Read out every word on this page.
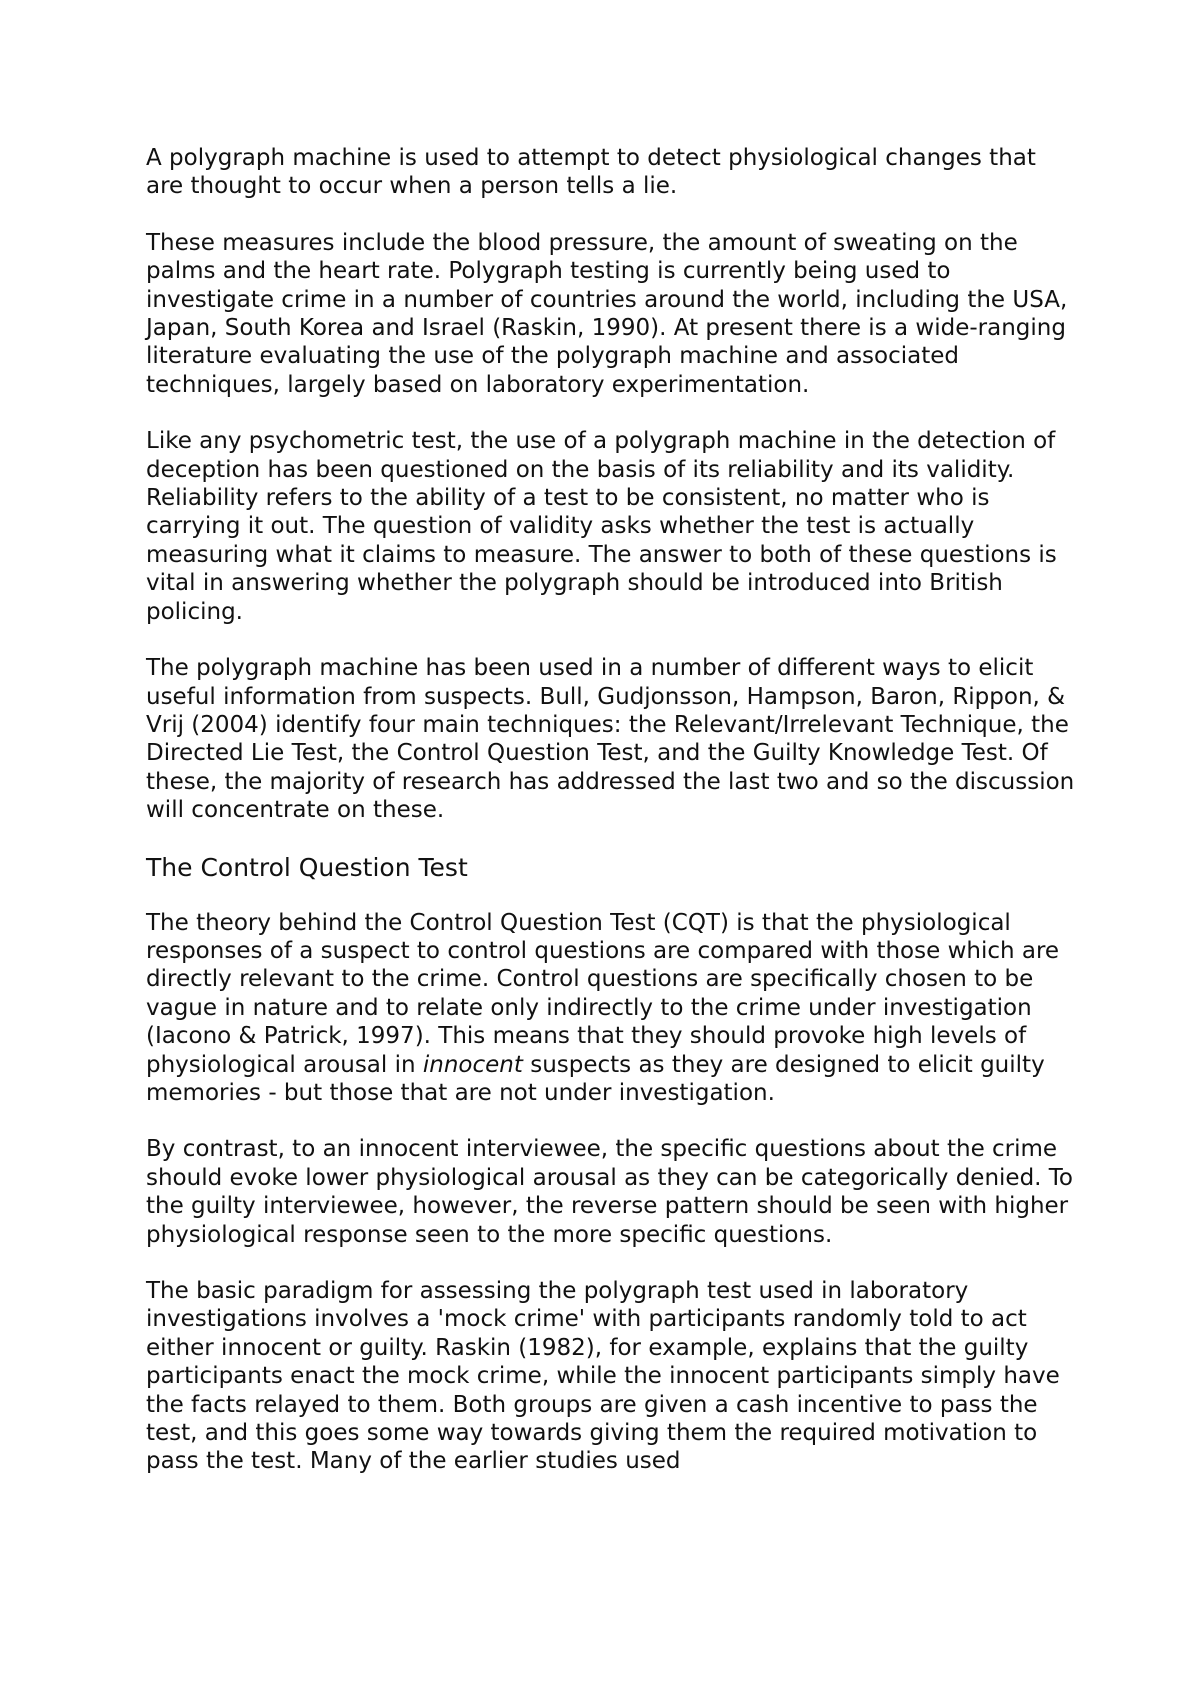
A polygraph machine is used to attempt to detect physiological changes that are thought to occur when a person tells a lie.

These measures include the blood pressure, the amount of sweating on the palms and the heart rate. Polygraph testing is currently being used to investigate crime in a number of countries around the world, including the USA, Japan, South Korea and Israel (Raskin, 1990). At present there is a wide-ranging literature evaluating the use of the polygraph machine and associated techniques, largely based on laboratory experimentation.

Like any psychometric test, the use of a polygraph machine in the detection of deception has been questioned on the basis of its reliability and its validity. Reliability refers to the ability of a test to be consistent, no matter who is carrying it out. The question of validity asks whether the test is actually measuring what it claims to measure. The answer to both of these questions is vital in answering whether the polygraph should be introduced into British policing.

The polygraph machine has been used in a number of different ways to elicit useful information from suspects. Bull, Gudjonsson, Hampson, Baron, Rippon, & Vrij (2004) identify four main techniques: the Relevant/Irrelevant Technique, the Directed Lie Test, the Control Question Test, and the Guilty Knowledge Test. Of these, the majority of research has addressed the last two and so the discussion will concentrate on these.

The Control Question Test

The theory behind the Control Question Test (CQT) is that the physiological responses of a suspect to control questions are compared with those which are directly relevant to the crime. Control questions are specifically chosen to be vague in nature and to relate only indirectly to the crime under investigation (Iacono & Patrick, 1997). This means that they should provoke high levels of physiological arousal in innocent suspects as they are designed to elicit guilty memories - but those that are not under investigation.

By contrast, to an innocent interviewee, the specific questions about the crime should evoke lower physiological arousal as they can be categorically denied. To the guilty interviewee, however, the reverse pattern should be seen with higher physiological response seen to the more specific questions.

The basic paradigm for assessing the polygraph test used in laboratory investigations involves a 'mock crime' with participants randomly told to act either innocent or guilty. Raskin (1982), for example, explains that the guilty participants enact the mock crime, while the innocent participants simply have the facts relayed to them. Both groups are given a cash incentive to pass the test, and this goes some way towards giving them the required motivation to pass the test. Many of the earlier studies used
